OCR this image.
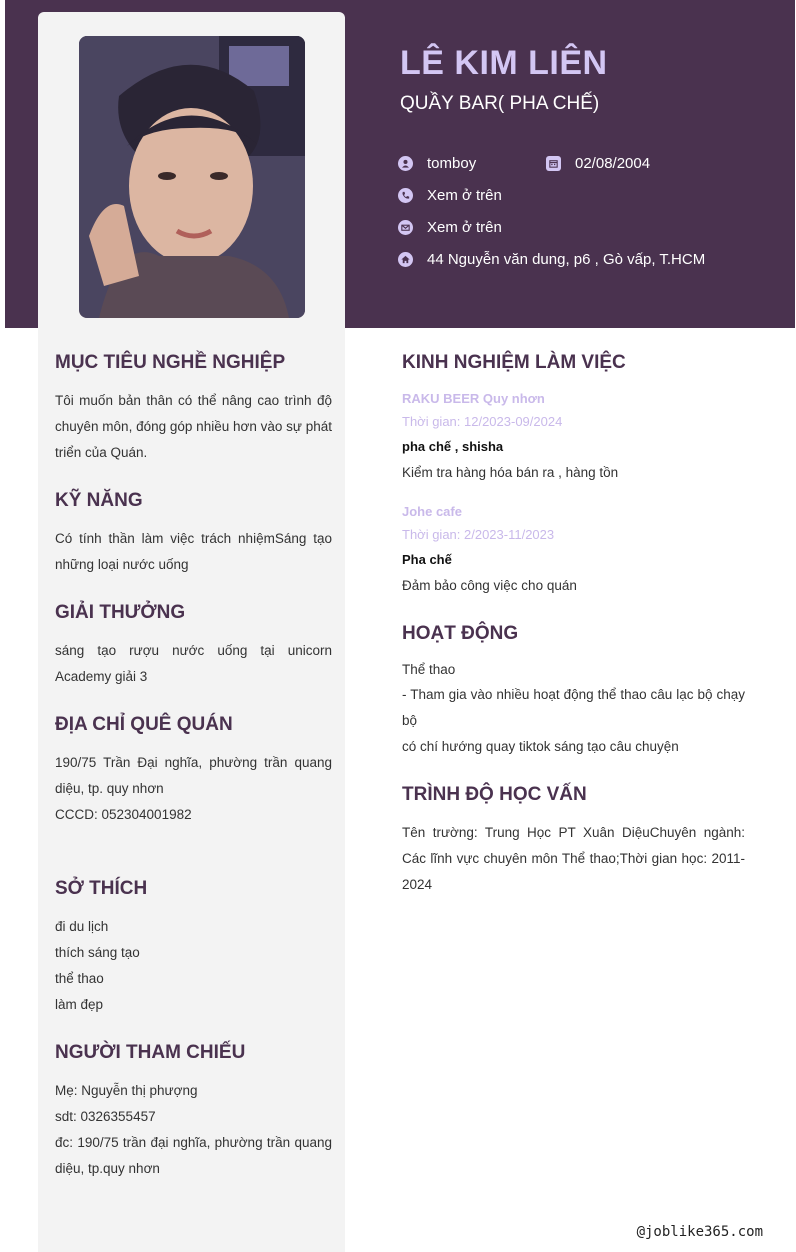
LÊ KIM LIÊN
QUẦY BAR( PHA CHẾ)
tomboy	02/08/2004
Xem ở trên
Xem ở trên
44 Nguyễn văn dung, p6 , Gò vấp, T.HCM
MỤC TIÊU NGHỀ NGHIỆP
Tôi muốn bản thân có thể nâng cao trình độ chuyên môn, đóng góp nhiều hơn vào sự phát triển của Quán.
KỸ NĂNG
Có tính thần làm việc trách nhiệmSáng tạo những loại nước uống
GIẢI THƯỞNG
sáng tạo rượu nước uống tại unicorn Academy giải 3
ĐỊA CHỈ QUÊ QUÁN
190/75 Trần Đại nghĩa, phường trần quang diệu, tp. quy nhơn
CCCD: 052304001982
SỞ THÍCH
đi du lịch
thích sáng tạo
thể thao
làm đẹp
NGƯỜI THAM CHIẾU
Mẹ: Nguyễn thị phượng
sdt: 0326355457
đc: 190/75 trần đại nghĩa, phường trần quang diệu, tp.quy nhơn
KINH NGHIỆM LÀM VIỆC
RAKU BEER Quy nhơn
Thời gian: 12/2023-09/2024
pha chế , shisha
Kiểm tra hàng hóa bán ra , hàng tồn
Johe cafe
Thời gian: 2/2023-11/2023
Pha chế
Đảm bảo công việc cho quán
HOẠT ĐỘNG
Thể thao
- Tham gia vào nhiều hoạt động thể thao câu lạc bộ chạy bộ
có chí hướng quay tiktok sáng tạo câu chuyện
TRÌNH ĐỘ HỌC VẤN
Tên trường: Trung Học PT Xuân DiệuChuyên ngành: Các lĩnh vực chuyên môn Thể thao;Thời gian học: 2011-2024
@joblike365.com
